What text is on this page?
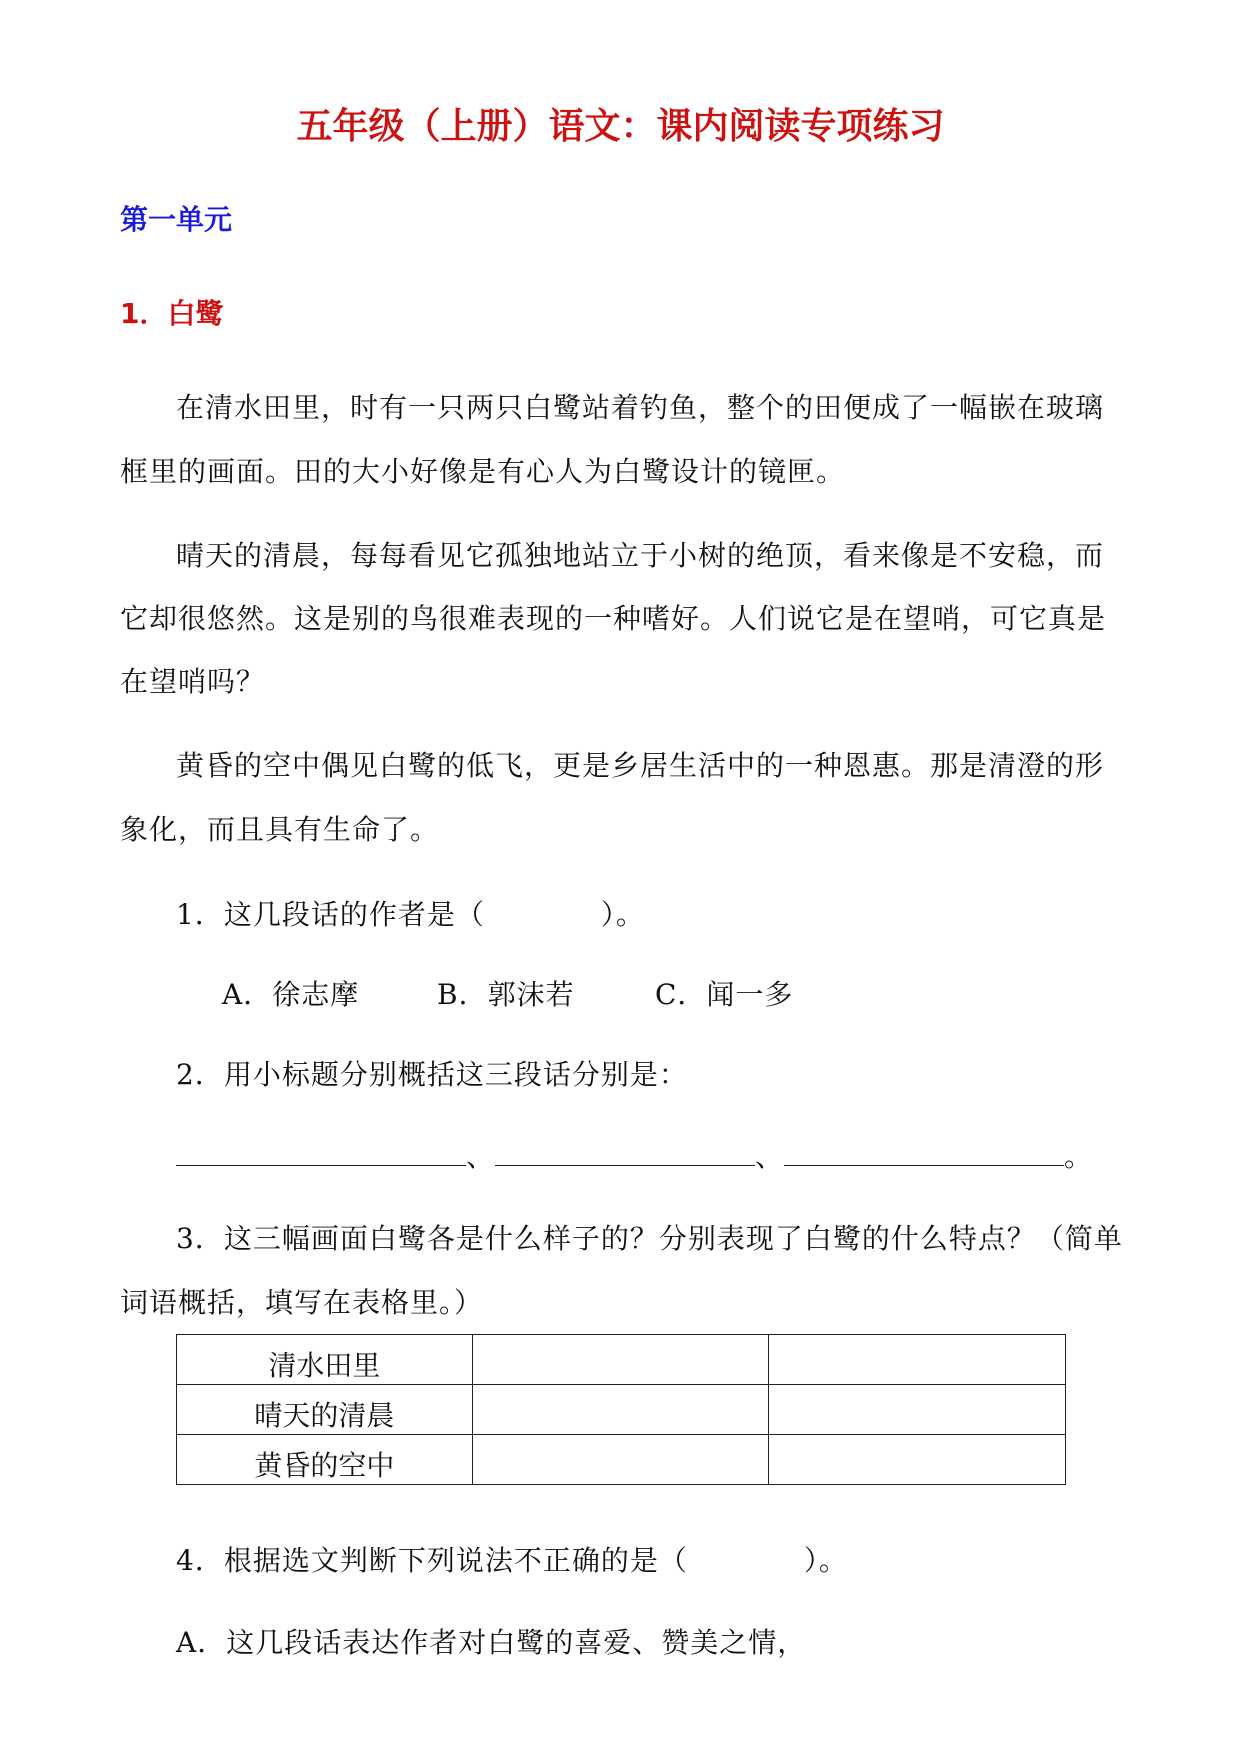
五年级（上册）语文：课内阅读专项练习
第一单元
1．白鹭
在清水田里，时有一只两只白鹭站着钓鱼，整个的田便成了一幅嵌在玻璃
框里的画面。田的大小好像是有心人为白鹭设计的镜匣。
晴天的清晨，每每看见它孤独地站立于小树的绝顶，看来像是不安稳，而
它却很悠然。这是别的鸟很难表现的一种嗜好。人们说它是在望哨，可它真是
在望哨吗？
黄昏的空中偶见白鹭的低飞，更是乡居生活中的一种恩惠。那是清澄的形
象化，而且具有生命了。
1．这几段话的作者是（　　　　）。
A．徐志摩	B．郭沫若	C．闻一多
2．用小标题分别概括这三段话分别是：
、	、	。
3．这三幅画面白鹭各是什么样子的？分别表现了白鹭的什么特点？（简单
词语概括，填写在表格里。）
清水田里		
晴天的清晨		
黄昏的空中		
4．根据选文判断下列说法不正确的是（　　　　）。
A．这几段话表达作者对白鹭的喜爱、赞美之情，
